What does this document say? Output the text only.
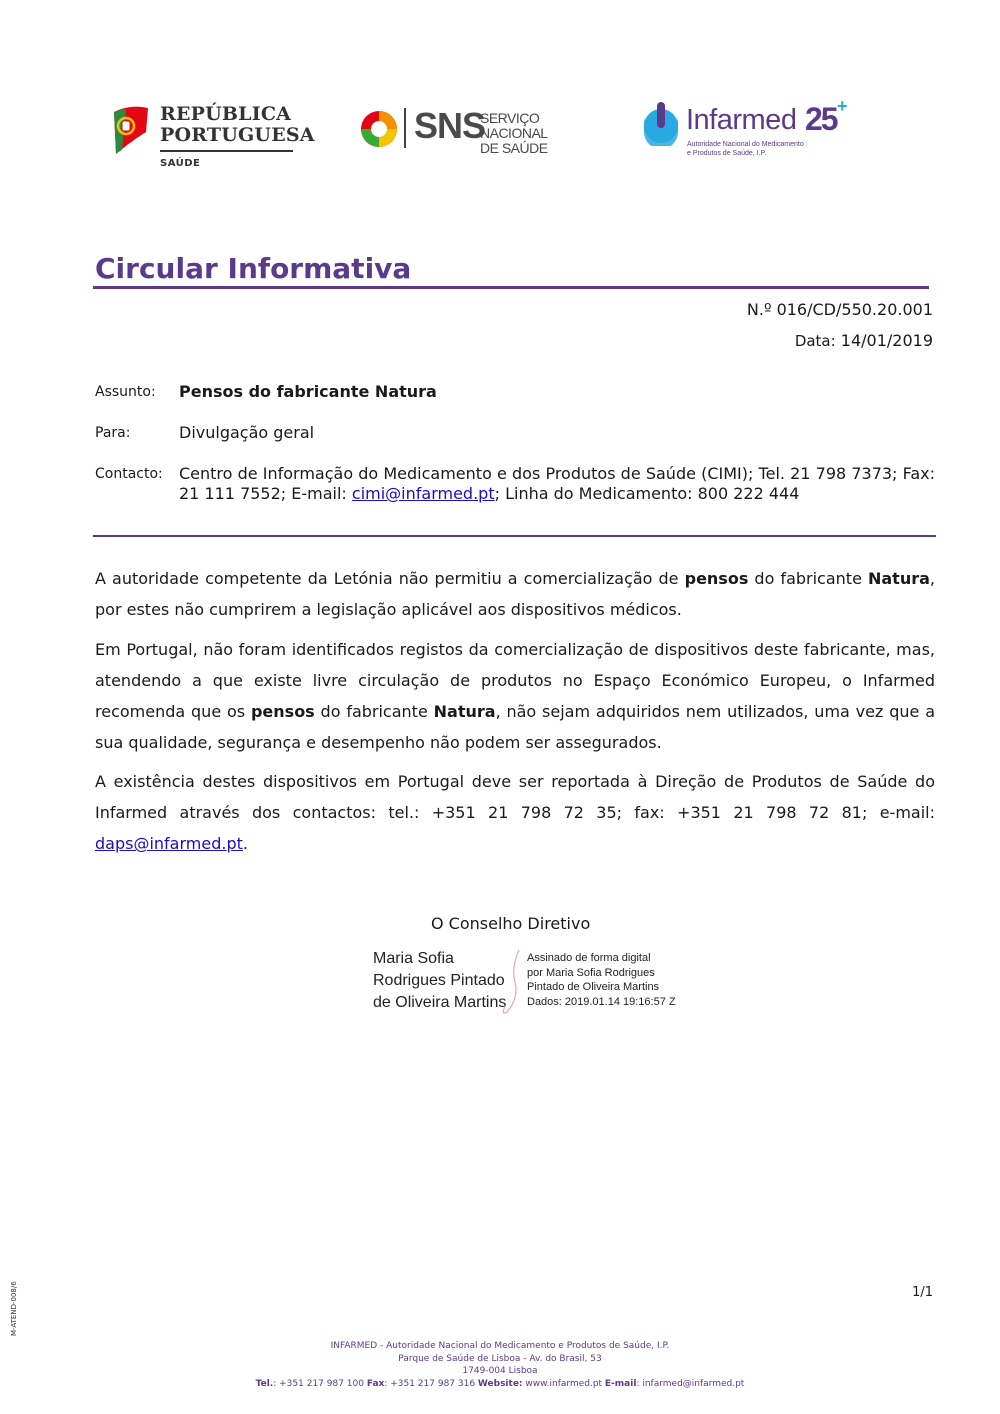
REPÚBLICA
PORTUGUESA
SAÚDE
SNS
SERVIÇO NACIONAL
DE SAÚDE
Infarmed 25 +
Autoridade Nacional do Medicamento
e Produtos de Saúde, I.P.
Circular Informativa
N.º 016/CD/550.20.001
Data: 14/01/2019
Assunto: Pensos do fabricante Natura
Para:	Divulgação geral
Contacto: Centro de Informação do Medicamento e dos Produtos de Saúde (CIMI); Tel. 21 798 7373; Fax: 21 111 7552; E-mail: cimi@infarmed.pt; Linha do Medicamento: 800 222 444

A autoridade competente da Letónia não permitiu a comercialização de pensos do fabricante Natura, por estes não cumprirem a legislação aplicável aos dispositivos médicos.

Em Portugal, não foram identificados registos da comercialização de dispositivos deste fabricante, mas, atendendo a que existe livre circulação de produtos no Espaço Económico Europeu, o Infarmed recomenda que os pensos do fabricante Natura, não sejam adquiridos nem utilizados, uma vez que a sua qualidade, segurança e desempenho não podem ser assegurados.

A existência destes dispositivos em Portugal deve ser reportada à Direção de Produtos de Saúde do Infarmed através dos contactos: tel.: +351 21 798 72 35; fax: +351 21 798 72 81; e-mail: daps@infarmed.pt.

O Conselho Diretivo
Maria Sofia
Rodrigues Pintado
de Oliveira Martins
Assinado de forma digital
por Maria Sofia Rodrigues
Pintado de Oliveira Martins
Dados: 2019.01.14 19:16:57 Z
1/1
M-ATEND-008/6
INFARMED - Autoridade Nacional do Medicamento e Produtos de Saúde, I.P.
Parque de Saúde de Lisboa - Av. do Brasil, 53
1749-004 Lisboa
Tel.: +351 217 987 100 Fax: +351 217 987 316 Website: www.infarmed.pt E-mail: infarmed@infarmed.pt
